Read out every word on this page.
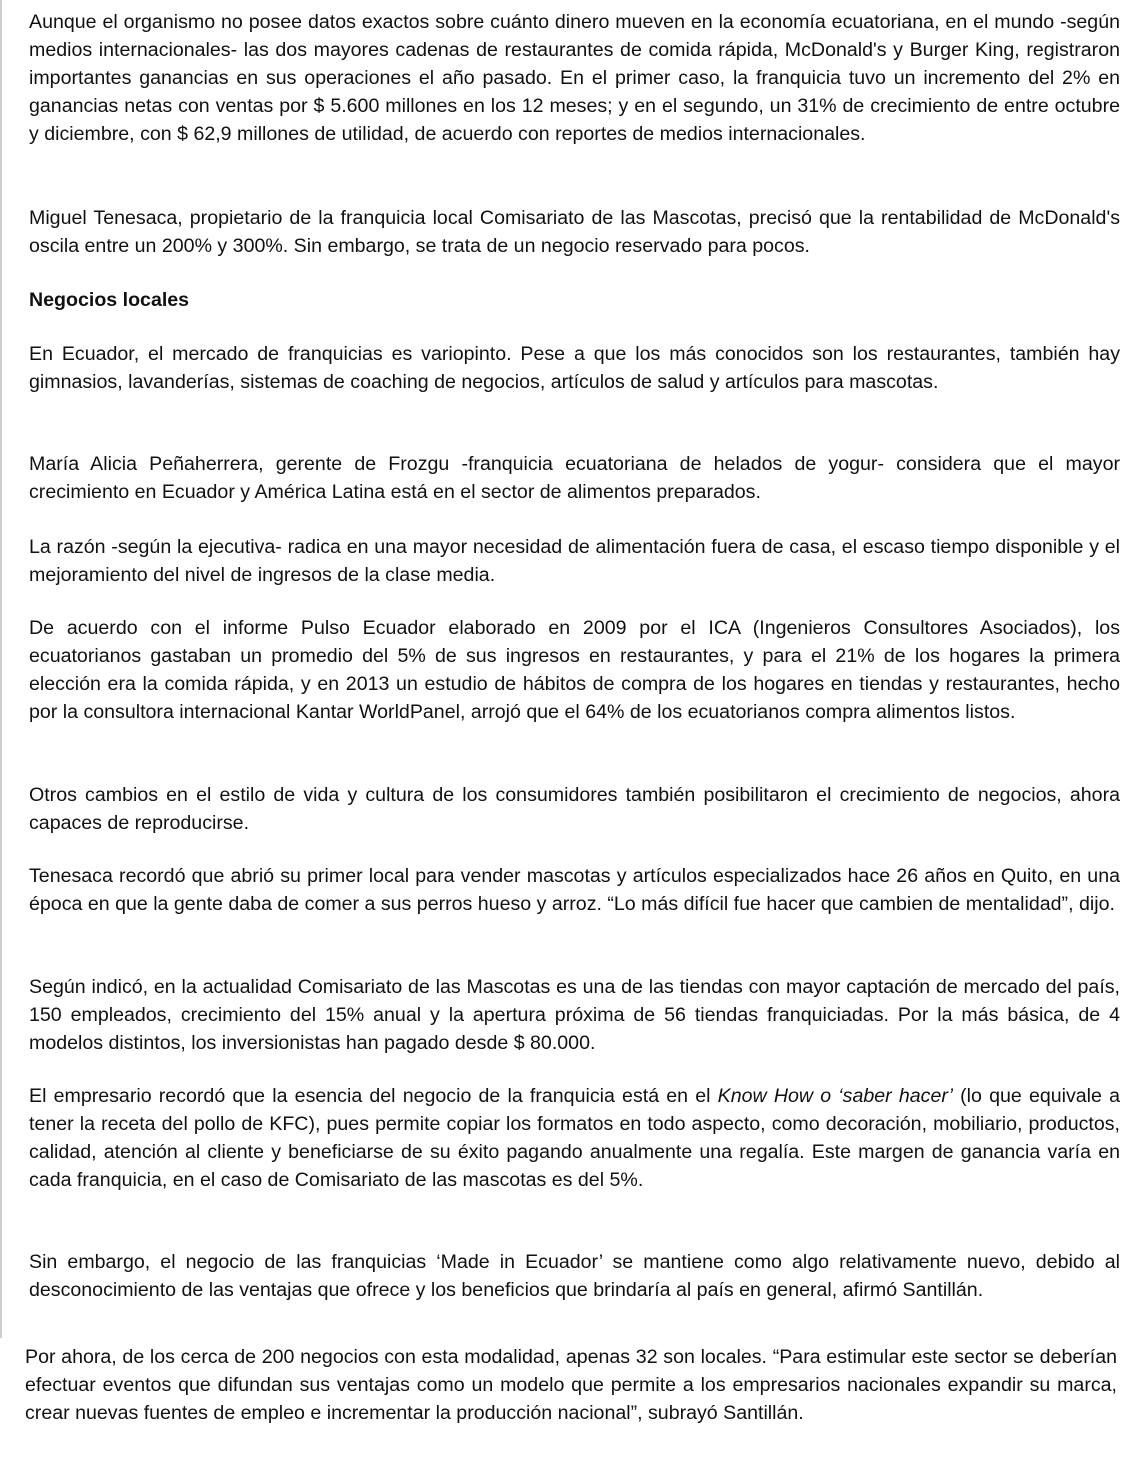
Aunque el organismo no posee datos exactos sobre cuánto dinero mueven en la economía ecuatoriana, en el mundo -según medios internacionales- las dos mayores cadenas de restaurantes de comida rápida, McDonald's y Burger King, registraron importantes ganancias en sus operaciones el año pasado. En el primer caso, la franquicia tuvo un incremento del 2% en ganancias netas con ventas por $ 5.600 millones en los 12 meses; y en el segundo, un 31% de crecimiento de entre octubre y diciembre, con $ 62,9 millones de utilidad, de acuerdo con reportes de medios internacionales.

Miguel Tenesaca, propietario de la franquicia local Comisariato de las Mascotas, precisó que la rentabilidad de McDonald's oscila entre un 200% y 300%. Sin embargo, se trata de un negocio reservado para pocos.

Negocios locales

En Ecuador, el mercado de franquicias es variopinto. Pese a que los más conocidos son los restaurantes, también hay gimnasios, lavanderías, sistemas de coaching de negocios, artículos de salud y artículos para mascotas.

María Alicia Peñaherrera, gerente de Frozgu -franquicia ecuatoriana de helados de yogur- considera que el mayor crecimiento en Ecuador y América Latina está en el sector de alimentos preparados.

La razón -según la ejecutiva- radica en una mayor necesidad de alimentación fuera de casa, el escaso tiempo disponible y el mejoramiento del nivel de ingresos de la clase media.

De acuerdo con el informe Pulso Ecuador elaborado en 2009 por el ICA (Ingenieros Consultores Asociados), los ecuatorianos gastaban un promedio del 5% de sus ingresos en restaurantes, y para el 21% de los hogares la primera elección era la comida rápida, y en 2013 un estudio de hábitos de compra de los hogares en tiendas y restaurantes, hecho por la consultora internacional Kantar WorldPanel, arrojó que el 64% de los ecuatorianos compra alimentos listos.

Otros cambios en el estilo de vida y cultura de los consumidores también posibilitaron el crecimiento de negocios, ahora capaces de reproducirse.

Tenesaca recordó que abrió su primer local para vender mascotas y artículos especializados hace 26 años en Quito, en una época en que la gente daba de comer a sus perros hueso y arroz. “Lo más difícil fue hacer que cambien de mentalidad”, dijo.

Según indicó, en la actualidad Comisariato de las Mascotas es una de las tiendas con mayor captación de mercado del país, 150 empleados, crecimiento del 15% anual y la apertura próxima de 56 tiendas franquiciadas. Por la más básica, de 4 modelos distintos, los inversionistas han pagado desde $ 80.000.

El empresario recordó que la esencia del negocio de la franquicia está en el Know How o ‘saber hacer’ (lo que equivale a tener la receta del pollo de KFC), pues permite copiar los formatos en todo aspecto, como decoración, mobiliario, productos, calidad, atención al cliente y beneficiarse de su éxito pagando anualmente una regalía. Este margen de ganancia varía en cada franquicia, en el caso de Comisariato de las mascotas es del 5%.

Sin embargo, el negocio de las franquicias ‘Made in Ecuador’ se mantiene como algo relativamente nuevo, debido al desconocimiento de las ventajas que ofrece y los beneficios que brindaría al país en general, afirmó Santillán.

Por ahora, de los cerca de 200 negocios con esta modalidad, apenas 32 son locales. “Para estimular este sector se deberían efectuar eventos que difundan sus ventajas como un modelo que permite a los empresarios nacionales expandir su marca, crear nuevas fuentes de empleo e incrementar la producción nacional”, subrayó Santillán.
